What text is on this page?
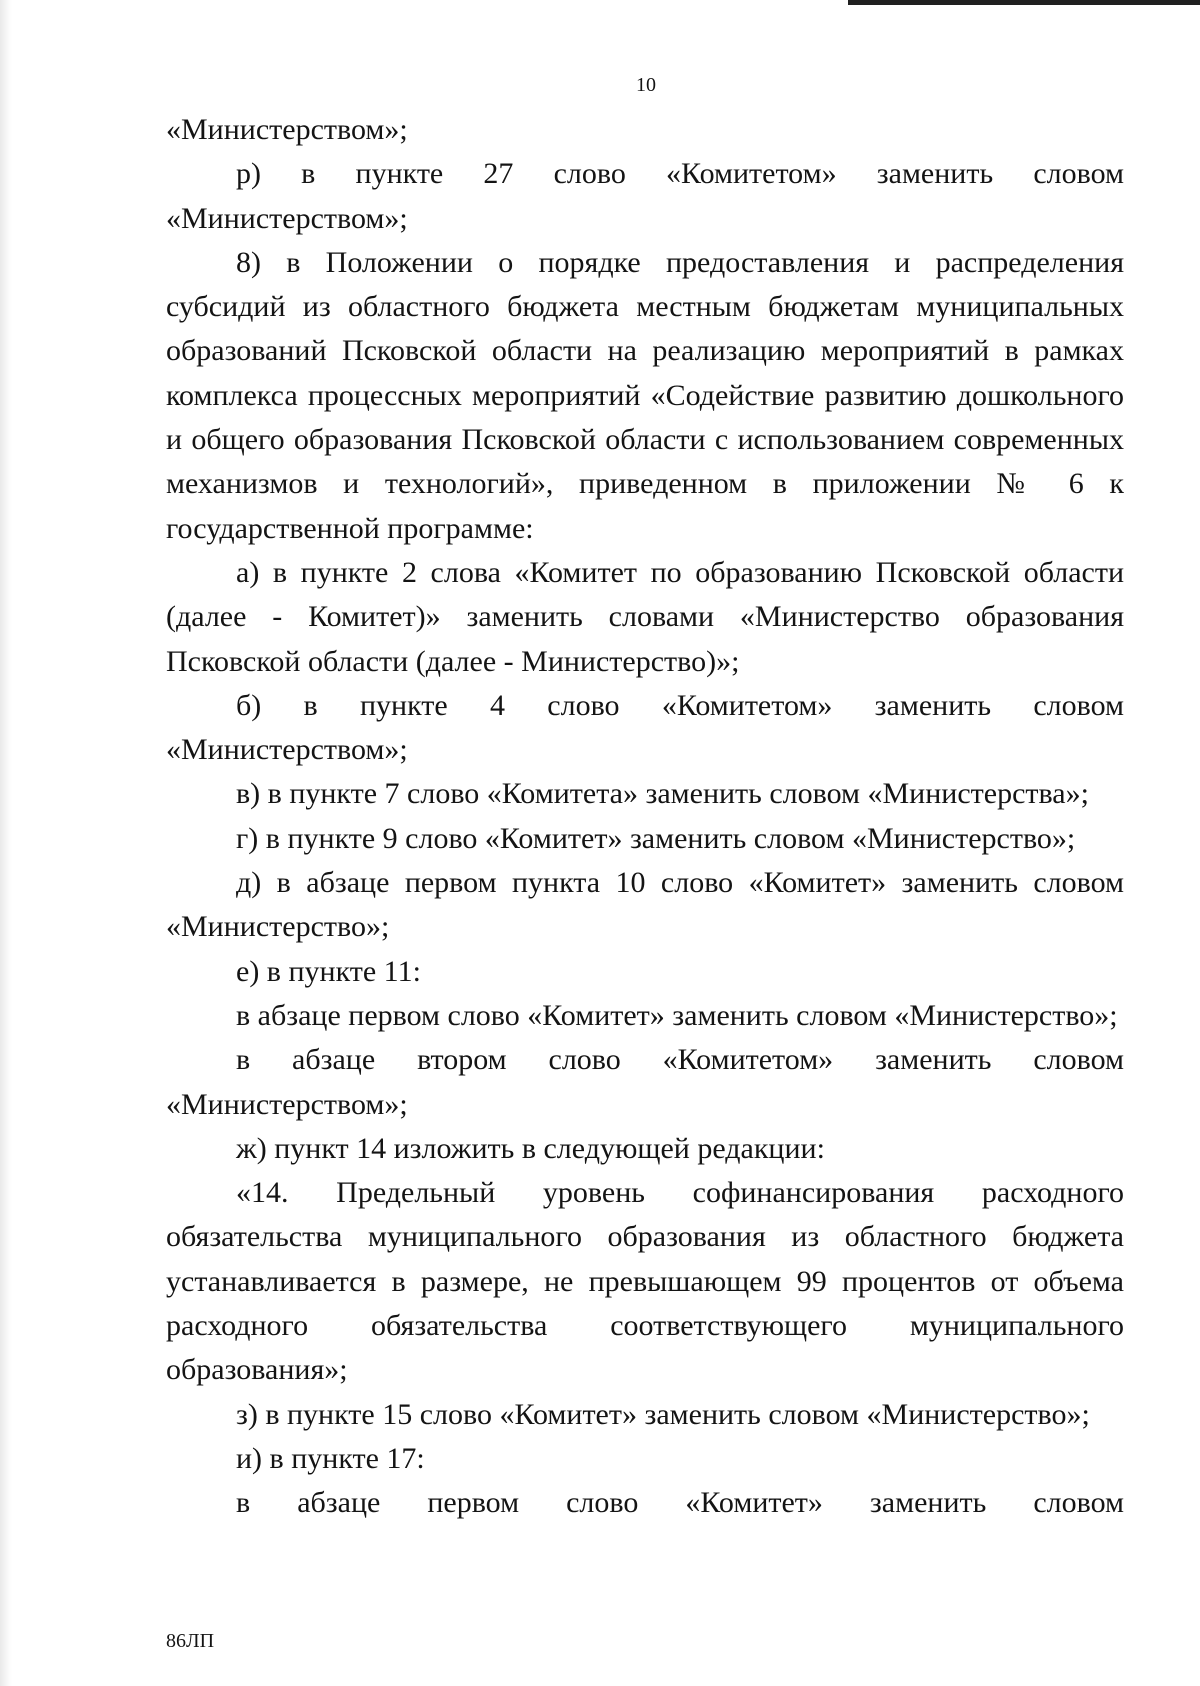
10

«Министерством»;

р) в пункте 27 слово «Комитетом» заменить словом «Министерством»;

8) в Положении о порядке предоставления и распределения субсидий из областного бюджета местным бюджетам муниципальных образований Псковской области на реализацию мероприятий в рамках комплекса процессных мероприятий «Содействие развитию дошкольного и общего образования Псковской области с использованием современных механизмов и технологий», приведенном в приложении № 6 к государственной программе:

а) в пункте 2 слова «Комитет по образованию Псковской области (далее - Комитет)» заменить словами «Министерство образования Псковской области (далее - Министерство)»;

б) в пункте 4 слово «Комитетом» заменить словом «Министерством»;

в) в пункте 7 слово «Комитета» заменить словом «Министерства»;

г) в пункте 9 слово «Комитет» заменить словом «Министерство»;

д) в абзаце первом пункта 10 слово «Комитет» заменить словом «Министерство»;

е) в пункте 11:

в абзаце первом слово «Комитет» заменить словом «Министерство»;

в абзаце втором слово «Комитетом» заменить словом «Министерством»;

ж) пункт 14 изложить в следующей редакции:

«14. Предельный уровень софинансирования расходного обязательства муниципального образования из областного бюджета устанавливается в размере, не превышающем 99 процентов от объема расходного обязательства соответствующего муниципального образования»;

з) в пункте 15 слово «Комитет» заменить словом «Министерство»;

и) в пункте 17:

в абзаце первом слово «Комитет» заменить словом

86ЛП
